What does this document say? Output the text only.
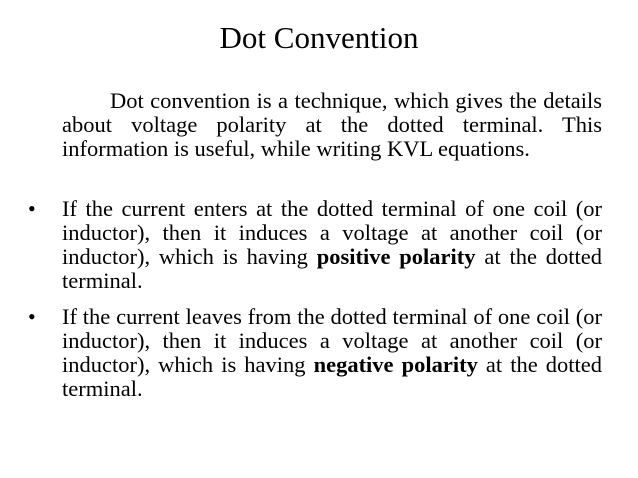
Dot Convention

Dot convention is a technique, which gives the details about voltage polarity at the dotted terminal. This information is useful, while writing KVL equations.

•	If the current enters at the dotted terminal of one coil (or inductor), then it induces a voltage at another coil (or inductor), which is having positive polarity at the dotted terminal.
•	If the current leaves from the dotted terminal of one coil (or inductor), then it induces a voltage at another coil (or inductor), which is having negative polarity at the dotted terminal.
